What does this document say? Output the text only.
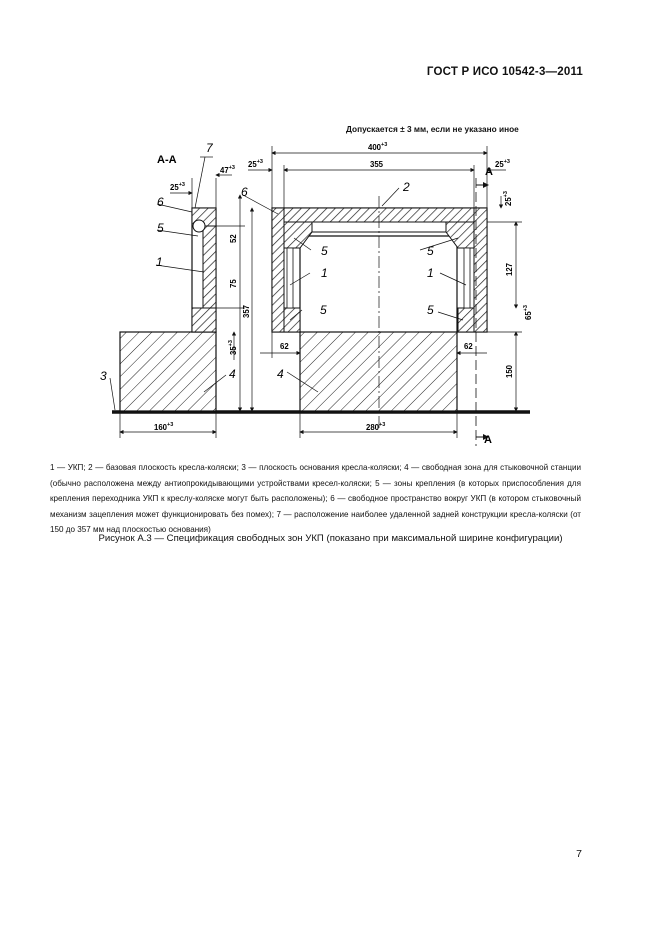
ГОСТ Р ИСО 10542-3—2011
Допускается ± 3 мм, если не указано иное
А
А
7
6
5
1
3	4
6	2
5	5
1	1
5	5
4
А-А
$400^{+3}$
355
$25^{+3}$	$25^{+3}$
$25^{+3}$
$47^{+3}$
52
75
357
$35^{+3}$
$25^{+3}$
127
$65^{+3}$
150
62	62
$160^{+3}$	$280^{+3}$
1 — УКП; 2 — базовая плоскость кресла-коляски; 3 — плоскость основания кресла-коляски; 4 — свободная зона для стыковочной станции (обычно расположена между антиопрокидывающими устройствами кресел-коляски; 5 — зоны крепления (в которых приспособления для крепления переходника УКП к креслу-коляске могут быть расположены); 6 — свободное пространство вокруг УКП (в котором стыковочный механизм зацепления может функционировать без помех); 7 — расположение наиболее удаленной задней конструкции кресла-коляски (от 150 до 357 мм над плоскостью основания)
Рисунок А.3 — Спецификация свободных зон УКП (показано при максимальной ширине конфигурации)
7
